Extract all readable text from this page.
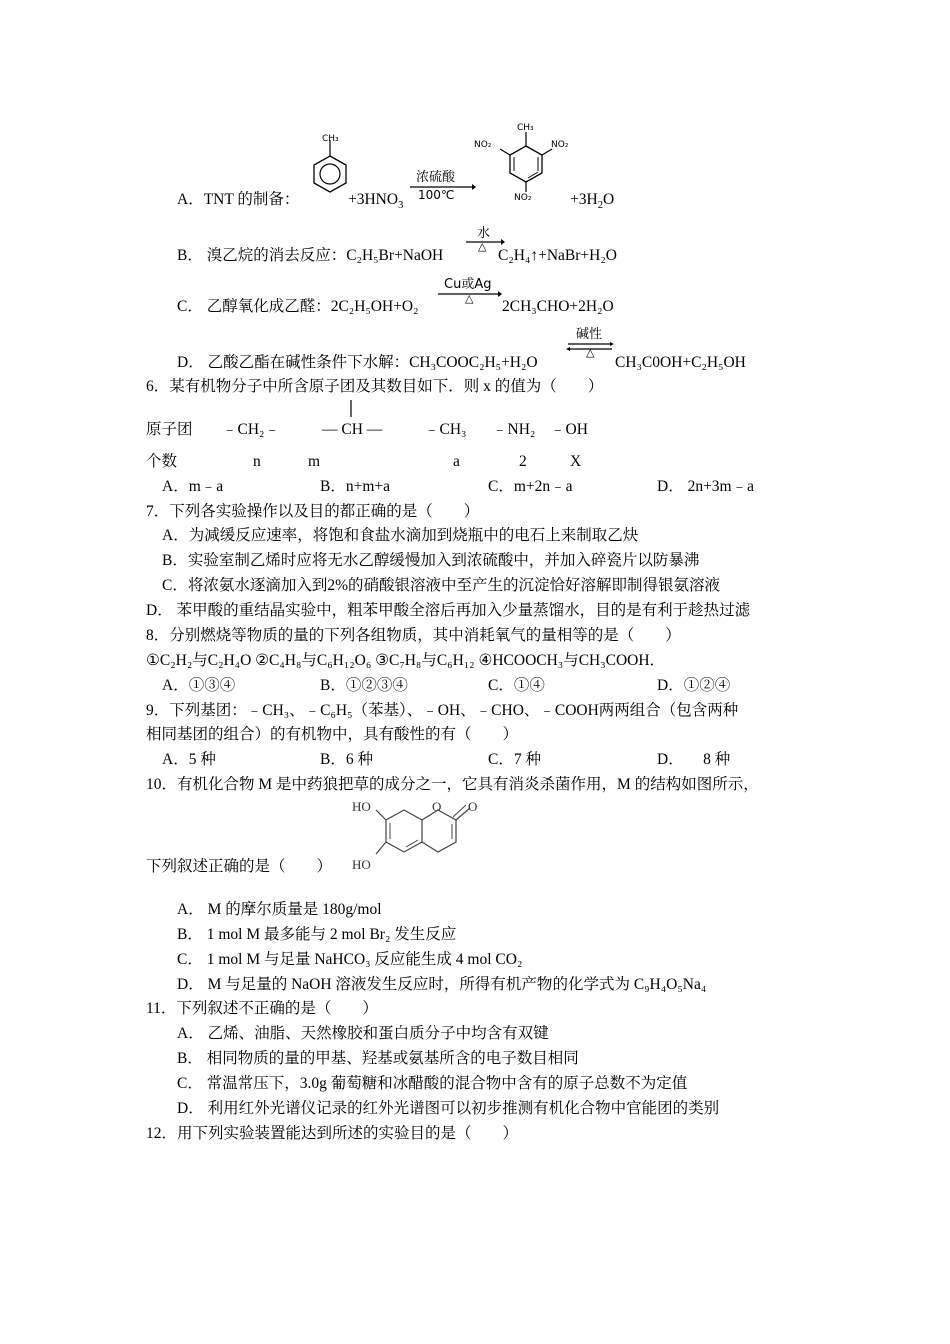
A．TNT 的制备：
CH₃
$+3HNO_3$
浓硫酸
100℃
CH₃
NO₂	NO₂
$NO_2 +3H_2O$
B． 溴乙烷的消去反应：C₂H₅Br+NaOH
水
△
C₂H₄↑+NaBr+H₂O
C． 乙醇氧化成乙醛：2C₂H₅OH+O₂
Cu或Ag
△ 2CH₃CHO+2H₂O
D． 乙酸乙酯在碱性条件下水解：CH₃COOC₂H₅+H₂O
碱性
△
CH₃C0OH+C₂H₅OH
6．某有机物分子中所含原子团及其数目如下．则 x 的值为（　　）
原子团 ﹣CH₂﹣	— CH —	﹣CH₃ ﹣NH₂ ﹣OH
个数	n	m	a	2	X
A．m﹣a	B．n+m+a	C．m+2n﹣a	D． 2n+3m﹣a
7．下列各实验操作以及目的都正确的是（　　）
A．为减缓反应速率，将饱和食盐水滴加到烧瓶中的电石上来制取乙炔
B．实验室制乙烯时应将无水乙醇缓慢加入到浓硫酸中，并加入碎瓷片以防暴沸
C．将浓氨水逐滴加入到2%的硝酸银溶液中至产生的沉淀恰好溶解即制得银氨溶液
D． 苯甲酸的重结晶实验中，粗苯甲酸全溶后再加入少量蒸馏水，目的是有利于趁热过滤
8．分别燃烧等物质的量的下列各组物质，其中消耗氧气的量相等的是（　　）
①C₂H₂与C₂H₄O ②C₄H₈与C₆H₁₂O₆ ③C₇H₈与C₆H₁₂ ④HCOOCH₃与CH₃COOH．
A．①③④	B．①②③④	C．①④	D．①②④
9．下列基团：﹣CH₃、﹣C₆H₅（苯基）、﹣OH、﹣CHO、﹣COOH两两组合（包含两种
相同基团的组合）的有机物中，具有酸性的有（　　）
A．5 种	B．6 种	C．7 种	D． 　8 种
10．有机化合物 M 是中药狼把草的成分之一，它具有消炎杀菌作用，M 的结构如图所示，
HO
HO
O O
下列叙述正确的是（　　）
A． M 的摩尔质量是 180g/mol
B． 1 mol M 最多能与 2 mol Br₂ 发生反应
C． 1 mol M 与足量 NaHCO₃ 反应能生成 4 mol CO₂
D． M 与足量的 NaOH 溶液发生反应时，所得有机产物的化学式为 C₉H₄O₅Na₄
11．下列叙述不正确的是（　　）
A． 乙烯、油脂、天然橡胶和蛋白质分子中均含有双键
B． 相同物质的量的甲基、羟基或氨基所含的电子数目相同
C． 常温常压下，3.0g 葡萄糖和冰醋酸的混合物中含有的原子总数不为定值
D． 利用红外光谱仪记录的红外光谱图可以初步推测有机化合物中官能团的类别
12．用下列实验装置能达到所述的实验目的是（　　）
